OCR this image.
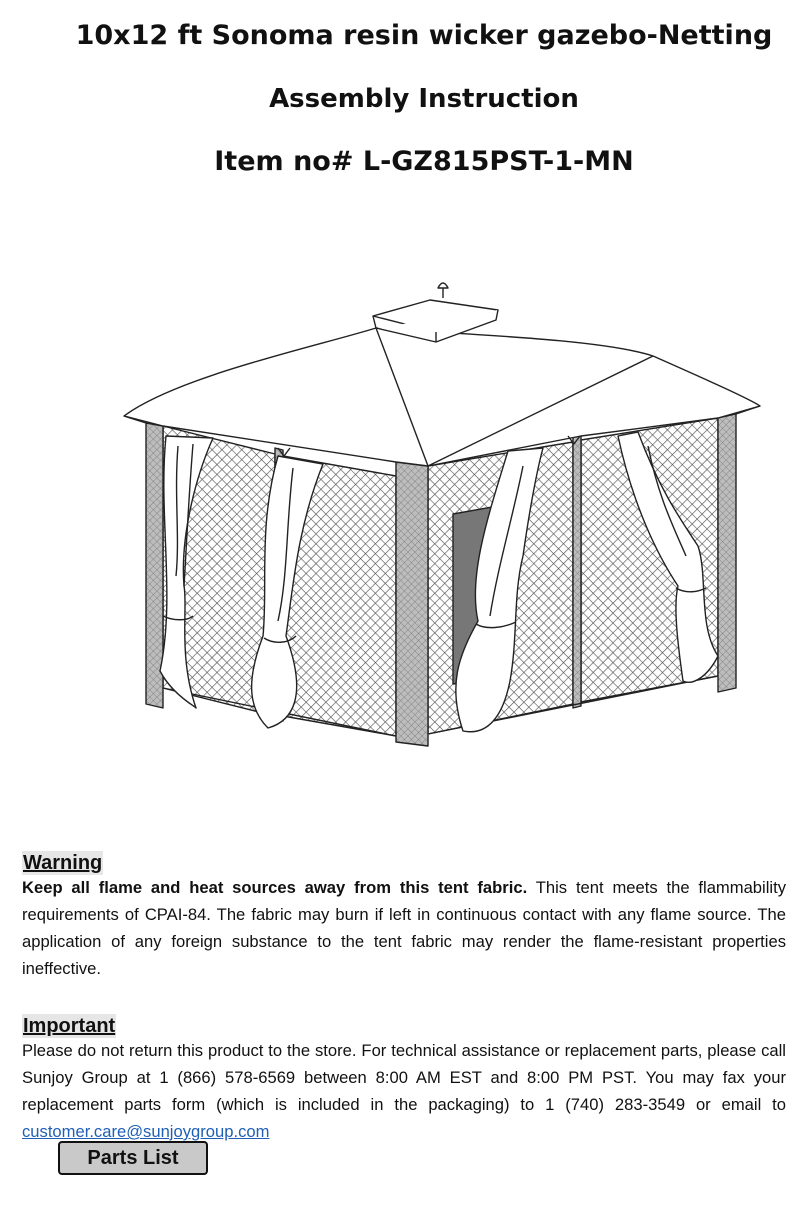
10x12 ft Sonoma resin wicker gazebo-Netting
Assembly Instruction
Item no# L-GZ815PST-1-MN
Warning
Keep all flame and heat sources away from this tent fabric. This tent meets the flammability requirements of CPAI-84. The fabric may burn if left in continuous contact with any flame source. The application of any foreign substance to the tent fabric may render the flame-resistant properties ineffective.
Important
Please do not return this product to the store. For technical assistance or replacement parts, please call Sunjoy Group at 1 (866) 578-6569 between 8:00 AM EST and 8:00 PM PST. You may fax your replacement parts form (which is included in the packaging) to 1 (740) 283-3549 or email to customer.care@sunjoygroup.com
Parts List
